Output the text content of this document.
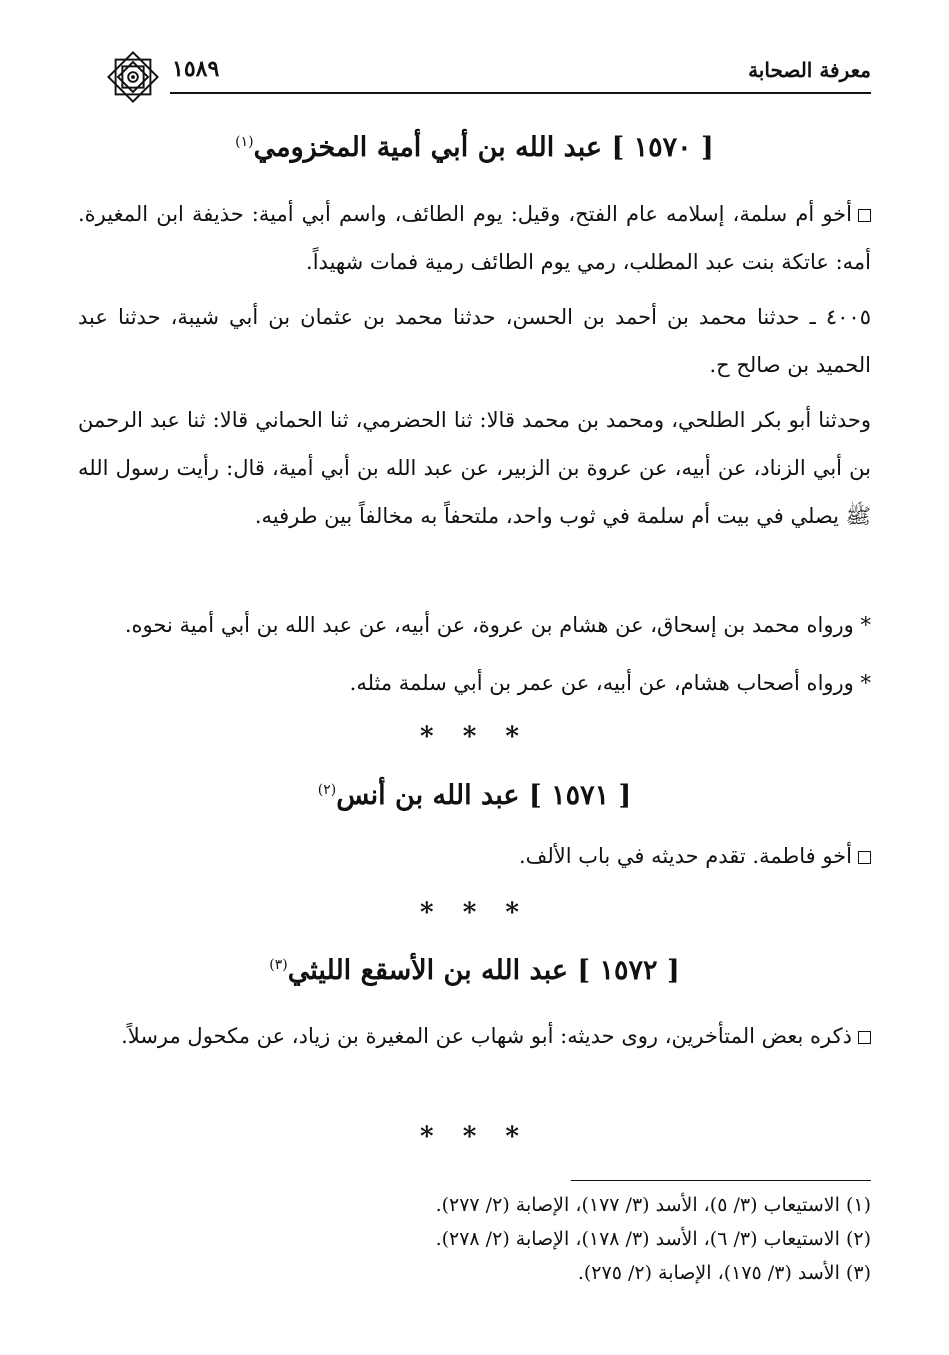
معرفة الصحابة
١٥٨٩
[ ١٥٧٠ ] عبد الله بن أبي أمية المخزومي$^{(١)}$
أخو أم سلمة، إسلامه عام الفتح، وقيل: يوم الطائف، واسم أبي أمية: حذيفة ابن المغيرة. أمه: عاتكة بنت عبد المطلب، رمي يوم الطائف رمية فمات شهيداً.
٤٠٠٥ ـ حدثنا محمد بن أحمد بن الحسن، حدثنا محمد بن عثمان بن أبي شيبة، حدثنا عبد الحميد بن صالح ح.
وحدثنا أبو بكر الطلحي، ومحمد بن محمد قالا: ثنا الحضرمي، ثنا الحماني قالا: ثنا عبد الرحمن بن أبي الزناد، عن أبيه، عن عروة بن الزبير، عن عبد الله بن أبي أمية، قال: رأيت رسول الله ﷺ يصلي في بيت أم سلمة في ثوب واحد، ملتحفاً به مخالفاً بين طرفيه.
* ورواه محمد بن إسحاق، عن هشام بن عروة، عن أبيه، عن عبد الله بن أبي أمية نحوه.
* ورواه أصحاب هشام، عن أبيه، عن عمر بن أبي سلمة مثله.
* * *
[ ١٥٧١ ] عبد الله بن أنس$^{(٢)}$
أخو فاطمة. تقدم حديثه في باب الألف.
* * *
[ ١٥٧٢ ] عبد الله بن الأسقع الليثي$^{(٣)}$
ذكره بعض المتأخرين، روى حديثه: أبو شهاب عن المغيرة بن زياد، عن مكحول مرسلاً.
* * *
(١) الاستيعاب (٣/ ٥)، الأسد (٣/ ١٧٧)، الإصابة (٢/ ٢٧٧).
(٢) الاستيعاب (٣/ ٦)، الأسد (٣/ ١٧٨)، الإصابة (٢/ ٢٧٨).
(٣) الأسد (٣/ ١٧٥)، الإصابة (٢/ ٢٧٥).
